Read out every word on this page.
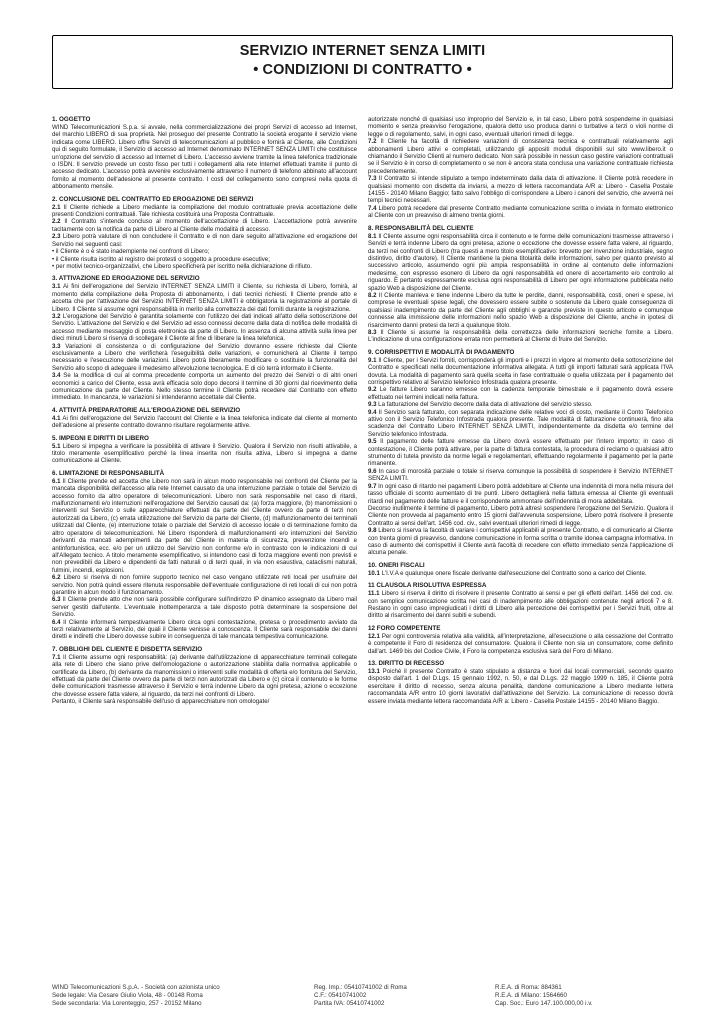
SERVIZIO INTERNET SENZA LIMITI
• CONDIZIONI DI CONTRATTO •
1. OGGETTO

WIND Telecomunicazioni S.p.a. si avvale, nella commercializzazione dei propri Servizi di accesso ad Internet, del marchio LIBERO di sua proprietà. Nel proseguo del presente Contratto la società erogante il servizio viene indicata come LIBERO. Libero offre Servizi di telecomunicazioni al pubblico e fornirà al Cliente, alle Condizioni qui di seguito formulate, il Servizio di accesso ad Internet denominato INTERNET SENZA LIMITI che costituisce un'opzione del servizio di accesso ad Internet di Libero. L'accesso avviene tramite la linea telefonica tradizionale o ISDN. Il servizio prevede un costo fisso per tutti i collegamenti alla rete Internet effettuati tramite il punto di accesso dedicato. L'accesso potrà avvenire esclusivamente attraverso il numero di telefono abbinato all'account fornito al momento dell'adesione al presente contratto. I costi del collegamento sono compresi nella quota di abbonamento mensile.

2. CONCLUSIONE DEL CONTRATTO ED EROGAZIONE DEI SERVIZI

2.1 Il Cliente richiede a Libero mediante la compilazione del modulo contrattuale previa accettazione delle presenti Condizioni contrattuali. Tale richiesta costituirà una Proposta Contrattuale.

2.2 Il Contratto s'intende concluso al momento dell'accettazione di Libero. L'accettazione potrà avvenire tacitamente con la notifica da parte di Libero al Cliente delle modalità di accesso.

2.3 Libero potrà valutare di non concludere il Contratto e di non dare seguito all'attivazione ed erogazione del Servizio nei seguenti casi:

• il Cliente è o è stato inadempiente nei confronti di Libero;

• il Cliente risulta iscritto al registro dei protesti o soggetto a procedure esecutive;

• per motivi tecnico-organizzativi, che Libero specificherà per iscritto nella dichiarazione di rifiuto.

3. ATTIVAZIONE ED EROGAZIONE DEL SERVIZIO

3.1 Ai fini dell'erogazione del Servizio INTERNET SENZA LIMITI il Cliente, su richiesta di Libero, fornirà, al momento della compilazione della Proposta di abbonamento, i dati tecnici richiesti. Il Cliente prende atto e accetta che per l'attivazione del Servizio INTERNET SENZA LIMITI è obbligatoria la registrazione al portale di Libero. Il Cliente si assume ogni responsabilità in merito alla correttezza dei dati forniti durante la registrazione.

3.2 L'erogazione del Servizio è garantita solamente con l'utilizzo dei dati indicati all'atto della sottoscrizione del Servizio. L'attivazione del Servizio e del Servizio ad esso connessi decorre dalla data di notifica delle modalità di accesso mediante messaggio di posta elettronica da parte di Libero. In assenza di alcuna attività sulla linea per dieci minuti Libero si riserva di scollegare il Cliente al fine di liberare la linea telefonica.

3.3 Variazioni di consistenza o di configurazione del Servizio dovranno essere richieste dal Cliente esclusivamente a Libero che verificherà l'eseguibilità delle variazioni, e comunicherà al Cliente il tempo necessario e l'esecuzione delle variazioni. Libero potrà liberamente modificare o sostituire la funzionalità del Servizio allo scopo di adeguare il medesimo all'evoluzione tecnologica. E di ciò terrà informato il Cliente.

3.4 Se la modifica di cui al comma precedente comporta un aumento del prezzo dei Servizi o di altri oneri economici a carico del Cliente, essa avrà efficacia solo dopo decorsi il termine di 30 giorni dal ricevimento della comunicazione da parte del Cliente. Nello stesso termine il Cliente potrà recedere dal Contratto con effetto immediato. In mancanza, le variazioni si intenderanno accettate dal Cliente.

4. ATTIVITÀ PREPARATORIE ALL'EROGAZIONE DEL SERVIZIO

4.1 Ai fini dell'erogazione del Servizio l'account del Cliente e la linea telefonica indicate dal cliente al momento dell'adesione al presente contratto dovranno risultare regolarmente attive.

5. IMPEGNI E DIRITTI DI LIBERO

5.1 Libero si impegna a verificare la possibilità di attivare il Servizio. Qualora il Servizio non risulti attivabile, a titolo meramente esemplificativo perché la linea inserita non risulta attiva, Libero si impegna a darne comunicazione al Cliente.

6. LIMITAZIONE DI RESPONSABILITÀ

6.1 Il Cliente prende ed accetta che Libero non sarà in alcun modo responsabile nei confronti del Cliente per la mancata disponibilità dell'accesso alla rete Internet causato da una interruzione parziale o totale del Servizio di accesso fornito da altro operatore di telecomunicazioni. Libero non sarà responsabile nel caso di ritardi, malfunzionamenti e/o interruzioni nell'erogazione del Servizio causati da: (a) forza maggiore, (b) manomissioni o interventi sul Servizio o sulle apparecchiature effettuati da parte del Cliente ovvero da parte di terzi non autorizzati da Libero, (c) errata utilizzazione del Servizio da parte del Cliente, (d) malfunzionamento dei terminali utilizzati dal Cliente, (e) interruzione totale o parziale del Servizio di accesso locale o di terminazione fornito da altro operatore di telecomunicazioni. Né Libero risponderà di malfunzionamenti e/o interruzioni del Servizio derivanti da mancati adempimenti da parte del Cliente in materia di sicurezza, prevenzione incendi e antinfortunistica, ecc. e/o per un utilizzo del Servizio non conforme e/o in contrasto con le indicazioni di cui all'Allegato tecnico. A titolo meramente esemplificativo, si intendono casi di forza maggiore eventi non previsti e non prevedibili da Libero e dipendenti da fatti naturali o di terzi quali, in via non esaustiva, cataclismi naturali, fulmini, incendi, esplosioni.

6.2 Libero si riserva di non fornire supporto tecnico nel caso vengano utilizzate reti locali per usufruire del servizio. Non potrà quindi essere ritenuta responsabile dell'eventuale configurazione di reti locali di cui non potrà garantire in alcun modo il funzionamento.

6.3 Il Cliente prende atto che non sarà possibile configurare sull'indirizzo IP dinamico assegnato da Libero mail server gestiti dall'utente. L'eventuale inottemperanza a tale disposto potrà determinare la sospensione del Servizio.

6.4 Il Cliente informerà tempestivamente Libero circa ogni contestazione, pretesa o procedimento avviato da terzi relativamente al Servizio, dei quali il Cliente venisse a conoscenza. Il Cliente sarà responsabile dei danni diretti e indiretti che Libero dovesse subire in conseguenza di tale mancata tempestiva comunicazione.

7. OBBLIGHI DEL CLIENTE E DISDETTA SERVIZIO

7.1 Il Cliente assume ogni responsabilità: (a) derivante dall'utilizzazione di apparecchiature terminali collegate alla rete di Libero che siano prive dell'omologazione o autorizzazione stabilita dalla normativa applicabile o certificate da Libero, (b) derivante da manomissioni o interventi sulle modalità di offerta e/o fornitura del Servizio, effettuati da parte del Cliente ovvero da parte di terzi non autorizzati da Libero e (c) circa il contenuto e le forme delle comunicazioni trasmesse attraverso il Servizio e terrà indenne Libero da ogni pretesa, azione o eccezione che dovesse essere fatta valere, al riguardo, da terzi nei confronti di Libero.

Pertanto, il Cliente sarà responsabile dell'uso di apparecchiature non omologate/

autorizzate nonché di qualsiasi uso improprio del Servizio e, in tal caso, Libero potrà sospenderne in qualsiasi momento e senza preavviso l'erogazione, qualora detto uso produca danni o turbative a terzi o violi norme di legge o di regolamento, salvi, in ogni caso, eventuali ulteriori rimedi di legge.

7.2 Il Cliente ha facoltà di richiedere variazioni di consistenza tecnica e contrattuali relativamente agli abbonamenti Libero attivi e completati, utilizzando gli appositi moduli disponibili sul sito www.libero.it o chiamando il Servizio Clienti al numero dedicato. Non sarà possibile in nessun caso gestire variazioni contrattuali se il Servizio è in corso di completamento o se non è ancora stata conclusa una variazione contrattuale richiesta precedentemente.

7.3 Il Contratto si intende stipulato a tempo indeterminato dalla data di attivazione. Il Cliente potrà recedere in qualsiasi momento con disdetta da inviarsi, a mezzo di lettera raccomandata A/R a: Libero - Casella Postale 14155 - 20140 Milano Baggio; fatto salvo l'obbligo di corrispondere a Libero i canoni del servizio, che avverrà nei tempi tecnici necessari.

7.4 Libero potrà recedere dal presente Contratto mediante comunicazione scritta o inviata in formato elettronico al Cliente con un preavviso di almeno trenta giorni.

8. RESPONSABILITÀ DEL CLIENTE

8.1 Il Cliente assume ogni responsabilità circa il contenuto e le forme delle comunicazioni trasmesse attraverso i Servizi e terrà indenne Libero da ogni pretesa, azione o eccezione che dovesse essere fatta valere, al riguardo, da terzi nei confronti di Libero (tra questi a mero titolo esemplificativo: brevetto per invenzione industriale, segno distintivo, diritto d'autore). Il Cliente mantiene la piena titolarità delle informazioni, salvo per quanto previsto al successivo articolo, assumendo ogni più ampia responsabilità in ordine al contenuto delle informazioni medesime, con espresso esonero di Libero da ogni responsabilità ed onere di accertamento e/o controllo al riguardo. È pertanto espressamente esclusa ogni responsabilità di Libero per ogni informazione pubblicata nello spazio Web a disposizione del Cliente.

8.2 Il Cliente manleva e tiene indenne Libero da tutte le perdite, danni, responsabilità, costi, oneri e spese, ivi comprese le eventuali spese legali, che dovessero essere subite o sostenute da Libero quale conseguenza di qualsiasi inadempimento da parte del Cliente agli obblighi e garanzie previste in questo articolo e comunque connesse alla immissione delle informazioni nello spazio Web a disposizione del Cliente, anche in ipotesi di risarcimento danni pretesi da terzi a qualunque titolo.

8.3 Il Cliente si assume la responsabilità della correttezza delle informazioni tecniche fornite a Libero. L'indicazione di una configurazione errata non permetterà al Cliente di fruire del Servizio.

9. CORRISPETTIVI E MODALITÀ DI PAGAMENTO

9.1 Il Cliente, per i Servizi forniti, corrisponderà gli importi e i prezzi in vigore al momento della sottoscrizione del Contratto e specificati nella documentazione informativa allegata. A tutti gli importi fatturati sarà applicata l'IVA dovuta. La modalità di pagamento sarà quella scelta in fase contrattuale o quella utilizzata per il pagamento del corrispettivo relativo al Servizio telefonico Infostrada qualora presente.

9.2 Le fatture Libero saranno emesse con la cadenza temporale bimestrale e il pagamento dovrà essere effettuato nei termini indicati nella fattura.

9.3 La fatturazione del Servizio decorre dalla data di attivazione del servizio stesso.

9.4 Il Servizio sarà fatturato, con separata indicazione delle relative voci di costo, mediante il Conto Telefonico attivo con il Servizio Telefonico Infostrada qualora presente. Tale modalità di fatturazione continuerà, fino alla scadenza del Contratto Libero INTERNET SENZA LIMITI, indipendentemente da disdetta e/o termine del Servizio telefonico Infostrada.

9.5 Il pagamento delle fatture emesse da Libero dovrà essere effettuato per l'intero importo; in caso di contestazione, il Cliente potrà attivare, per la parte di fattura contestata, la procedura di reclamo o qualsiasi altro strumento di tutela previsto da norme legali e regolamentari, effettuando regolarmente il pagamento per la parte rimanente.

9.6 In caso di morosità parziale o totale si riserva comunque la possibilità di sospendere il Servizio INTERNET SENZA LIMITI.

9.7 In ogni caso di ritardo nei pagamenti Libero potrà addebitare al Cliente una indennità di mora nella misura del tasso ufficiale di sconto aumentato di tre punti. Libero dettaglierà nella fattura emessa al Cliente gli eventuali ritardi nel pagamento delle fatture e il corrispondente ammontare dell'indennità di mora addebitata.

Decorso inutilmente il termine di pagamento, Libero potrà altresì sospendere l'erogazione del Servizio. Qualora il Cliente non provveda al pagamento entro 15 giorni dall'avvenuta sospensione, Libero potrà risolvere il presente Contratto ai sensi dell'art. 1456 cod. civ., salvi eventuali ulteriori rimedi di legge.

9.8 Libero si riserva la facoltà di variare i corrispettivi applicabili al presente Contratto, e di comunicarlo al Cliente con trenta giorni di preavviso, dandone comunicazione in forma scritta o tramite idonea campagna informativa. In caso di aumento dei corrispettivi il Cliente avrà facoltà di recedere con effetto immediato senza l'applicazione di alcuna penale.

10. ONERI FISCALI

10.1 L'I.V.A e qualunque onere fiscale derivante dall'esecuzione del Contratto sono a carico del Cliente.

11 CLAUSOLA RISOLUTIVA ESPRESSA

11.1 Libero si riserva il diritto di risolvere il presente Contratto ai sensi e per gli effetti dell'art. 1456 del cod. civ. con semplice comunicazione scritta nei casi di inadempimento alle obbligazioni contenute negli articoli 7 e 8. Restano in ogni caso impregiudicati i diritti di Libero alla percezione dei corrispettivi per i Servizi fruiti, oltre al diritto al risarcimento dei danni subiti e subendi.

12 FORO COMPETENTE

12.1 Per ogni controversia relativa alla validità, all'interpretazione, all'esecuzione o alla cessazione del Contratto è competente il Foro di residenza del consumatore. Qualora il Cliente non sia un consumatore, come definito dall'art. 1469 bis del Codice Civile, il Foro la competenza esclusiva sarà del Foro di Milano.

13. DIRITTO DI RECESSO

13.1 Poiché il presente Contratto è stato stipulato a distanza e fuori dai locali commerciali, secondo quanto disposto dall'art. 1 del D.Lgs. 15 gennaio 1992, n. 50, e dal D.Lgs. 22 maggio 1999 n. 185, il Cliente potrà esercitare il diritto di recesso, senza alcuna penalità, dandone comunicazione a Libero mediante lettera raccomandata A/R entro 10 giorni lavorativi dall'attivazione del Servizio. La comunicazione di recesso dovrà essere inviata mediante lettera raccomandata A/R a: Libero - Casella Postale 14155 - 20140 Milano Baggio.

WIND Telecomunicazioni S.p.A. - Società con azionista unico
Sede legale: Via Cesare Giulio Viola, 48 - 00148 Roma
Sede secondaria: Via Lorenteggio, 257 - 20152 Milano
Reg. Imp.: 05410741002 di Roma
C.F.: 05410741002
Partita IVA: 05410741002
R.E.A. di Roma: 884361
R.E.A. di Milano: 1564660
Cap. Soc.: Euro 147.100.000,00 i.v.
